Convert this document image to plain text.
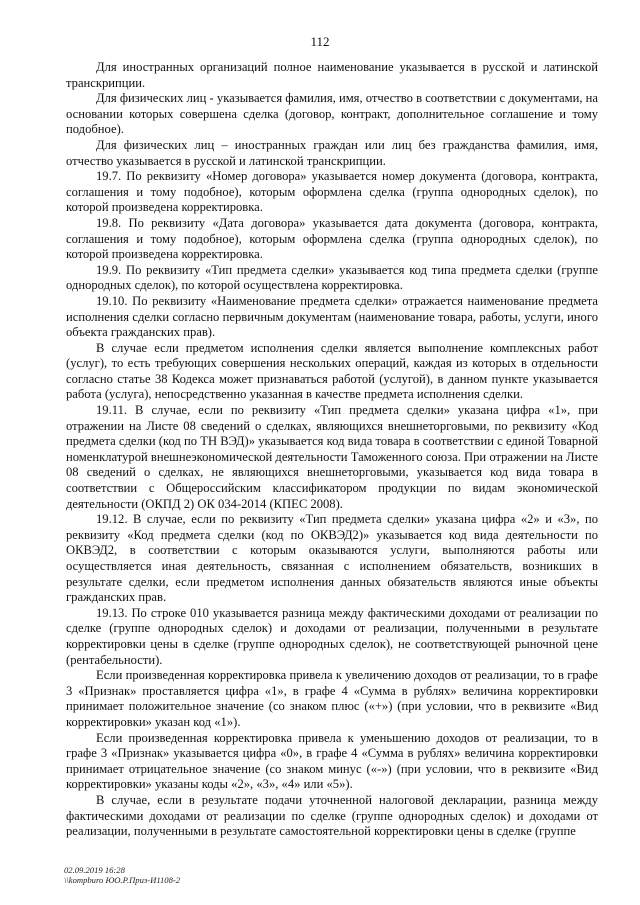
112

Для иностранных организаций полное наименование указывается в русской и латинской транскрипции.

Для физических лиц - указывается фамилия, имя, отчество в соответствии с документами, на основании которых совершена сделка (договор, контракт, дополнительное соглашение и тому подобное).

Для физических лиц – иностранных граждан или лиц без гражданства фамилия, имя, отчество указывается в русской и латинской транскрипции.

19.7. По реквизиту «Номер договора» указывается номер документа (договора, контракта, соглашения и тому подобное), которым оформлена сделка (группа однородных сделок), по которой произведена корректировка.

19.8. По реквизиту «Дата договора» указывается дата документа (договора, контракта, соглашения и тому подобное), которым оформлена сделка (группа однородных сделок), по которой произведена корректировка.

19.9. По реквизиту «Тип предмета сделки» указывается код типа предмета сделки (группе однородных сделок), по которой осуществлена корректировка.

19.10. По реквизиту «Наименование предмета сделки» отражается наименование предмета исполнения сделки согласно первичным документам (наименование товара, работы, услуги, иного объекта гражданских прав).

В случае если предметом исполнения сделки является выполнение комплексных работ (услуг), то есть требующих совершения нескольких операций, каждая из которых в отдельности согласно статье 38 Кодекса может признаваться работой (услугой), в данном пункте указывается работа (услуга), непосредственно указанная в качестве предмета исполнения сделки.

19.11. В случае, если по реквизиту «Тип предмета сделки» указана цифра «1», при отражении на Листе 08 сведений о сделках, являющихся внешнеторговыми, по реквизиту «Код предмета сделки (код по ТН ВЭД)» указывается код вида товара в соответствии с единой Товарной номенклатурой внешнеэкономической деятельности Таможенного союза. При отражении на Листе 08 сведений о сделках, не являющихся внешнеторговыми, указывается код вида товара в соответствии с Общероссийским классификатором продукции по видам экономической деятельности (ОКПД 2) ОК 034-2014 (КПЕС 2008).

19.12. В случае, если по реквизиту «Тип предмета сделки» указана цифра «2» и «3», по реквизиту «Код предмета сделки (код по ОКВЭД2)» указывается код вида деятельности по ОКВЭД2, в соответствии с которым оказываются услуги, выполняются работы или осуществляется иная деятельность, связанная с исполнением обязательств, возникших в результате сделки, если предметом исполнения данных обязательств являются иные объекты гражданских прав.

19.13. По строке 010 указывается разница между фактическими доходами от реализации по сделке (группе однородных сделок) и доходами от реализации, полученными в результате корректировки цены в сделке (группе однородных сделок), не соответствующей рыночной цене (рентабельности).

Если произведенная корректировка привела к увеличению доходов от реализации, то в графе 3 «Признак» проставляется цифра «1», в графе 4 «Сумма в рублях» величина корректировки принимает положительное значение (со знаком плюс («+») (при условии, что в реквизите «Вид корректировки» указан код «1»).

Если произведенная корректировка привела к уменьшению доходов от реализации, то в графе 3 «Признак» указывается цифра «0», в графе 4 «Сумма в рублях» величина корректировки принимает отрицательное значение (со знаком минус («-») (при условии, что в реквизите «Вид корректировки» указаны коды «2», «3», «4» или «5»).

В случае, если в результате подачи уточненной налоговой декларации, разница между фактическими доходами от реализации по сделке (группе однородных сделок) и доходами от реализации, полученными в результате самостоятельной корректировки цены в сделке (группе

02.09.2019 16:28
\\kompburo ЮО.Р.Приз-И1108-2
